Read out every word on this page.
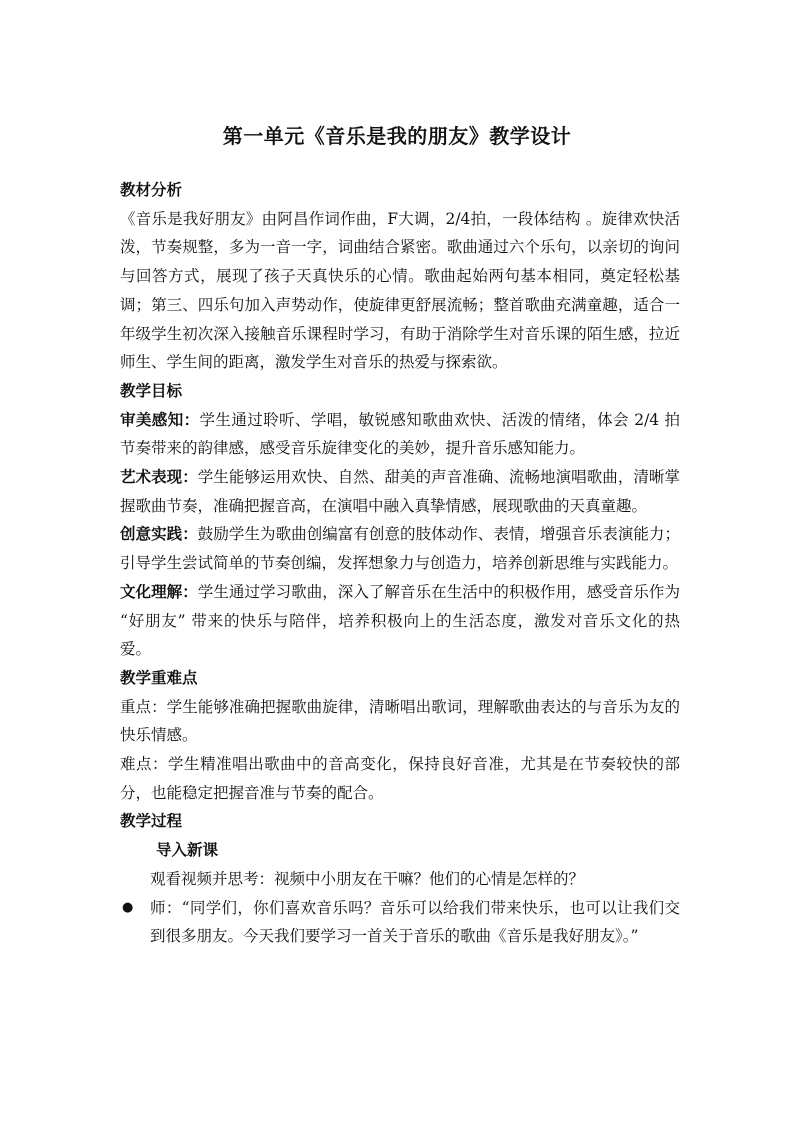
第一单元《音乐是我的朋友》教学设计

教材分析

《音乐是我好朋友》由阿昌作词作曲，F大调，2/4拍，一段体结构 。旋律欢快活泼，节奏规整，多为一音一字，词曲结合紧密。歌曲通过六个乐句，以亲切的询问与回答方式，展现了孩子天真快乐的心情。歌曲起始两句基本相同，奠定轻松基调；第三、四乐句加入声势动作，使旋律更舒展流畅；整首歌曲充满童趣，适合一年级学生初次深入接触音乐课程时学习，有助于消除学生对音乐课的陌生感，拉近师生、学生间的距离，激发学生对音乐的热爱与探索欲。

教学目标

审美感知：学生通过聆听、学唱，敏锐感知歌曲欢快、活泼的情绪，体会 2/4 拍节奏带来的韵律感，感受音乐旋律变化的美妙，提升音乐感知能力。

艺术表现：学生能够运用欢快、自然、甜美的声音准确、流畅地演唱歌曲，清晰掌握歌曲节奏，准确把握音高，在演唱中融入真挚情感，展现歌曲的天真童趣。

创意实践：鼓励学生为歌曲创编富有创意的肢体动作、表情，增强音乐表演能力；引导学生尝试简单的节奏创编，发挥想象力与创造力，培养创新思维与实践能力。

文化理解：学生通过学习歌曲，深入了解音乐在生活中的积极作用，感受音乐作为 “好朋友” 带来的快乐与陪伴，培养积极向上的生活态度，激发对音乐文化的热爱。

教学重难点

重点：学生能够准确把握歌曲旋律，清晰唱出歌词，理解歌曲表达的与音乐为友的快乐情感。

难点：学生精准唱出歌曲中的音高变化，保持良好音准，尤其是在节奏较快的部分，也能稳定把握音准与节奏的配合。

教学过程

导入新课

观看视频并思考：视频中小朋友在干嘛？他们的心情是怎样的？

● 师：“同学们，你们喜欢音乐吗？音乐可以给我们带来快乐，也可以让我们交到很多朋友。今天我们要学习一首关于音乐的歌曲《音乐是我好朋友》。”
